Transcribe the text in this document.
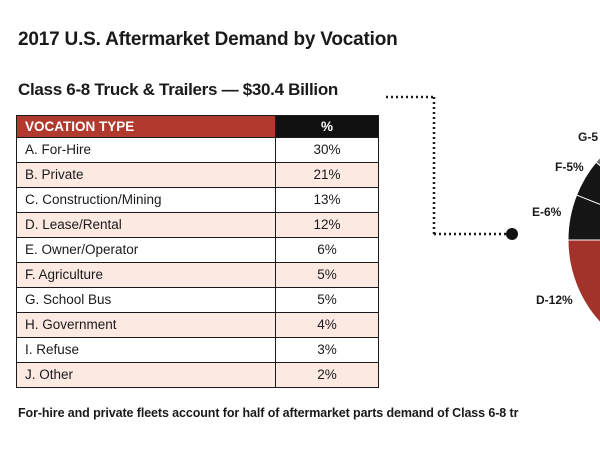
2017 U.S. Aftermarket Demand by Vocation
Class 6-8 Truck & Trailers — $30.4 Billion
VOCATION TYPE	%
A. For-Hire	30%
B. Private	21%
C. Construction/Mining	13%
D. Lease/Rental	12%
E. Owner/Operator	6%
F. Agriculture	5%
G. School Bus	5%
H. Government	4%
I. Refuse	3%
J. Other	2%
G-5
F-5%
E-6%
D-12%
For-hire and private fleets account for half of aftermarket parts demand of Class 6-8 tr
